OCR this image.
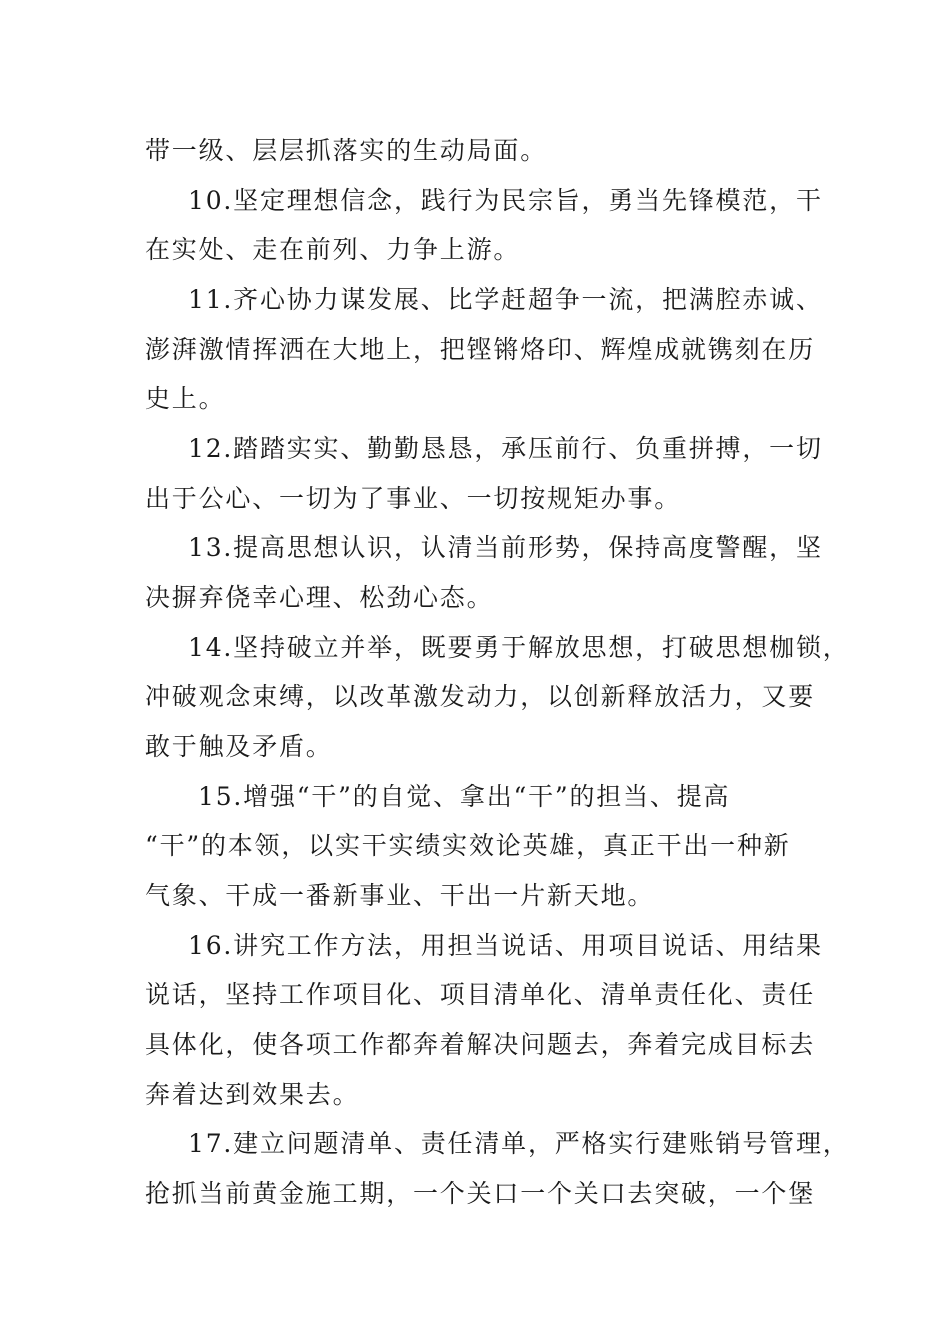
带一级、层层抓落实的生动局面。
10.坚定理想信念，践行为民宗旨，勇当先锋模范，干
在实处、走在前列、力争上游。
11.齐心协力谋发展、比学赶超争一流，把满腔赤诚、
澎湃激情挥洒在大地上，把铿锵烙印、辉煌成就镌刻在历
史上。
12.踏踏实实、勤勤恳恳，承压前行、负重拼搏，一切
出于公心、一切为了事业、一切按规矩办事。
13.提高思想认识，认清当前形势，保持高度警醒，坚
决摒弃侥幸心理、松劲心态。
14.坚持破立并举，既要勇于解放思想，打破思想枷锁，
冲破观念束缚，以改革激发动力，以创新释放活力，又要
敢于触及矛盾。
15.增强“干”的自觉、拿出“干”的担当、提高
“干”的本领，以实干实绩实效论英雄，真正干出一种新
气象、干成一番新事业、干出一片新天地。
16.讲究工作方法，用担当说话、用项目说话、用结果
说话，坚持工作项目化、项目清单化、清单责任化、责任
具体化，使各项工作都奔着解决问题去，奔着完成目标去
奔着达到效果去。
17.建立问题清单、责任清单，严格实行建账销号管理，
抢抓当前黄金施工期，一个关口一个关口去突破，一个堡
